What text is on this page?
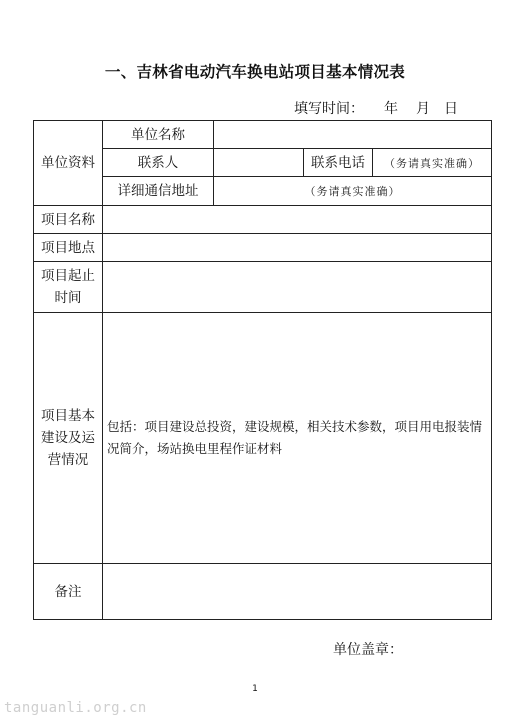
一、吉林省电动汽车换电站项目基本情况表
填写时间： 年 月 日
单位资料	单位名称			
	联系人		联系电话	（务请真实准确）
	详细通信地址	（务请真实准确）		
项目名称				
项目地点				

项目起止
时间				

项目基本
建设及运
营情况	包括：项目建设总投资，建设规模，相关技术参数，项目用电报装情况简介，场站换电里程作证材料			
备注				
单位盖章：
1
tanguanli.org.cn
